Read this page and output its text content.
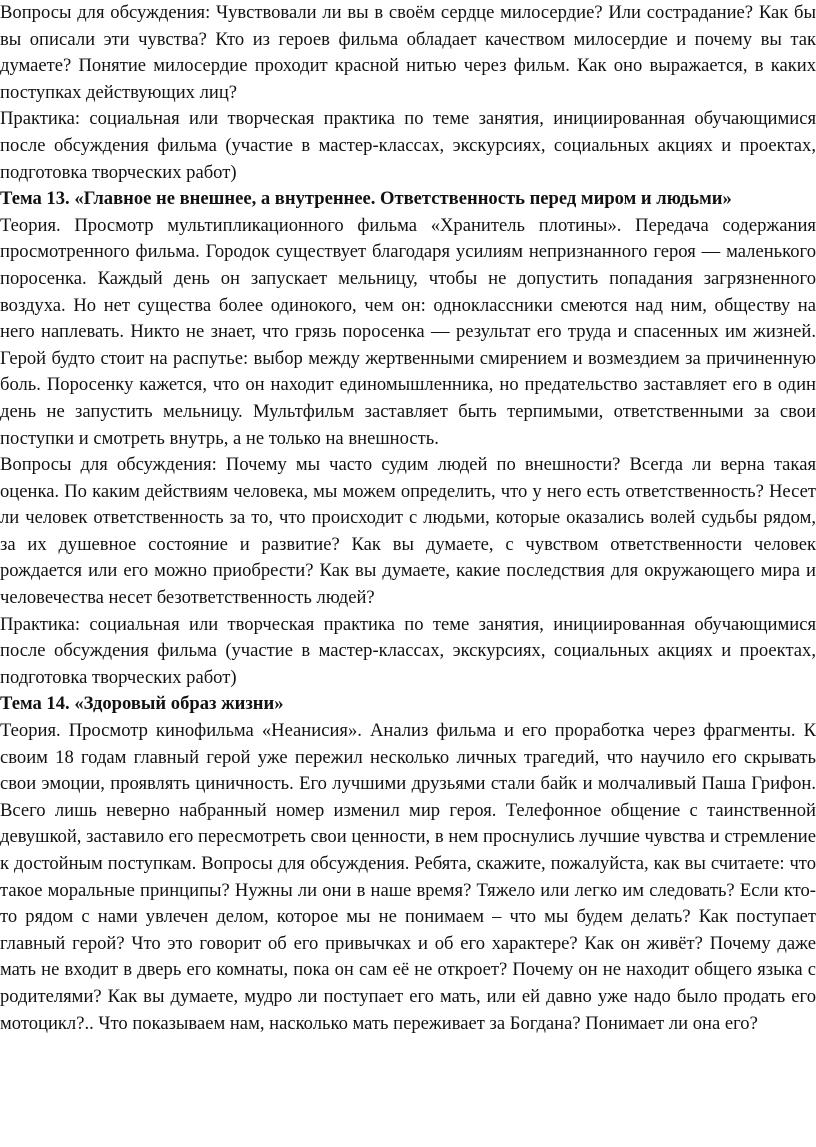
Вопросы для обсуждения: Чувствовали ли вы в своём сердце милосердие? Или сострадание? Как бы вы описали эти чувства? Кто из героев фильма обладает качеством милосердие и почему вы так думаете? Понятие милосердие проходит красной нитью через фильм. Как оно выражается, в каких поступках действующих лиц?

Практика: социальная или творческая практика по теме занятия, инициированная обучающимися после обсуждения фильма (участие в мастер-классах, экскурсиях, социальных акциях и проектах, подготовка творческих работ)

Тема 13. «Главное не внешнее, а внутреннее. Ответственность перед миром и людьми»

Теория. Просмотр мультипликационного фильма «Хранитель плотины». Передача содержания просмотренного фильма. Городок существует благодаря усилиям непризнанного героя — маленького поросенка. Каждый день он запускает мельницу, чтобы не допустить попадания загрязненного воздуха. Но нет существа более одинокого, чем он: одноклассники смеются над ним, обществу на него наплевать. Никто не знает, что грязь поросенка — результат его труда и спасенных им жизней. Герой будто стоит на распутье: выбор между жертвенными смирением и возмездием за причиненную боль. Поросенку кажется, что он находит единомышленника, но предательство заставляет его в один день не запустить мельницу. Мультфильм заставляет быть терпимыми, ответственными за свои поступки и смотреть внутрь, а не только на внешность.

Вопросы для обсуждения: Почему мы часто судим людей по внешности? Всегда ли верна такая оценка. По каким действиям человека, мы можем определить, что у него есть ответственность? Несет ли человек ответственность за то, что происходит с людьми, которые оказались волей судьбы рядом, за их душевное состояние и развитие? Как вы думаете, с чувством ответственности человек рождается или его можно приобрести? Как вы думаете, какие последствия для окружающего мира и человечества несет безответственность людей?

Практика: социальная или творческая практика по теме занятия, инициированная обучающимися после обсуждения фильма (участие в мастер-классах, экскурсиях, социальных акциях и проектах, подготовка творческих работ)

Тема 14. «Здоровый образ жизни»

Теория. Просмотр кинофильма «Неанисия». Анализ фильма и его проработка через фрагменты. К своим 18 годам главный герой уже пережил несколько личных трагедий, что научило его скрывать свои эмоции, проявлять циничность. Его лучшими друзьями стали байк и молчаливый Паша Грифон. Всего лишь неверно набранный номер изменил мир героя. Телефонное общение с таинственной девушкой, заставило его пересмотреть свои ценности, в нем проснулись лучшие чувства и стремление к достойным поступкам. Вопросы для обсуждения. Ребята, скажите, пожалуйста, как вы считаете: что такое моральные принципы? Нужны ли они в наше время? Тяжело или легко им следовать? Если кто-то рядом с нами увлечен делом, которое мы не понимаем – что мы будем делать? Как поступает главный герой? Что это говорит об его привычках и об его характере? Как он живёт? Почему даже мать не входит в дверь его комнаты, пока он сам её не откроет? Почему он не находит общего языка с родителями? Как вы думаете, мудро ли поступает его мать, или ей давно уже надо было продать его мотоцикл?.. Что показываем нам, насколько мать переживает за Богдана? Понимает ли она его?
